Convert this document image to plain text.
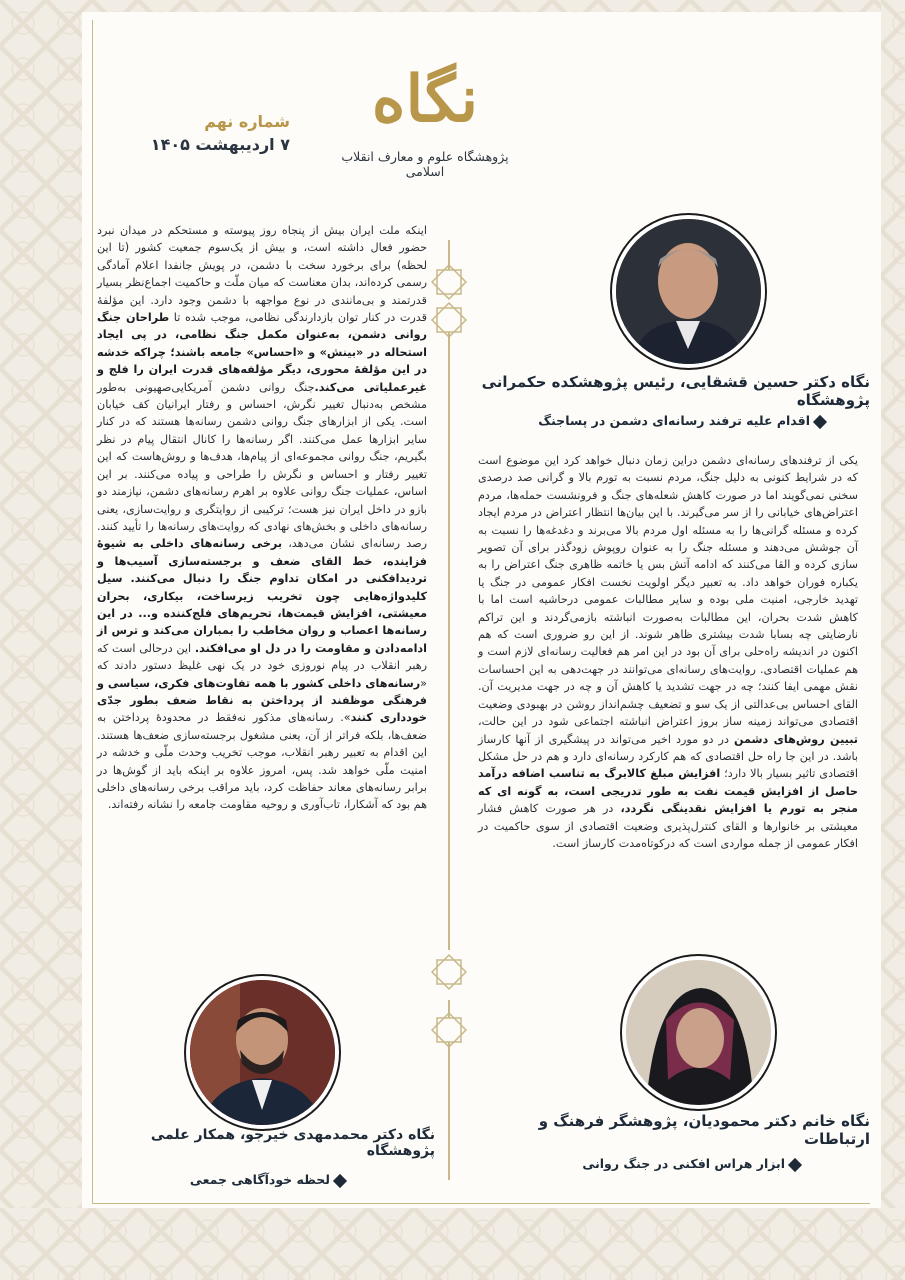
نگاه
پژوهشگاه علوم و معارف انقلاب اسلامی
شماره نهم
۷ اردیبهشت ۱۴۰۵

اینکه ملت ایران بیش از پنجاه روز پیوسته و مستحکم در میدان نبرد حضور فعال داشته است، و بیش از یک‌سوم جمعیت کشور (تا این لحظه) برای برخورد سخت با دشمن، در پویش جانفدا اعلام آمادگی رسمی کرده‌اند، بدان معناست که میان ملّت و حاکمیت اجماع‌نظر بسیار قدرتمند و بی‌مانندی در نوع مواجهه با دشمن وجود دارد. این مؤلفهٔ قدرت در کنار توان بازدارندگی نظامی، موجب شده تا طراحان جنگ روانی دشمن، به‌عنوان مکمل جنگ نظامی، در پی ایجاد استحاله در «بینش» و «احساس» جامعه باشند؛ چراکه خدشه در این مؤلفهٔ محوری، دیگر مؤلفه‌های قدرت ایران را فلج و غیرعملیاتی می‌کند.جنگ روانی دشمن آمریکایی‌صهیونی به‌طور مشخص به‌دنبال تغییر نگرش، احساس و رفتار ایرانیان کف خیابان است. یکی از ابزارهای جنگ روانی دشمن رسانه‌ها هستند که در کنار سایر ابزارها عمل می‌کنند. اگر رسانه‌ها را کانال انتقال پیام در نظر بگیریم، جنگ روانی مجموعه‌ای از پیام‌ها، هدف‌ها و روش‌هاست که این تغییر رفتار و احساس و نگرش را طراحی و پیاده می‌کنند. بر این اساس، عملیات جنگ روانی علاوه بر اهرم رسانه‌های دشمن، نیازمند دو بازو در داخل ایران نیز هست؛ ترکیبی از روایتگری و روایت‌سازی، یعنی رسانه‌های داخلی و بخش‌های نهادی که روایت‌های رسانه‌ها را تأیید کنند. رصد رسانه‌ای نشان می‌دهد، برخی رسانه‌های داخلی به شیوهٔ فزاینده، خط القای ضعف و برجسته‌سازی آسیب‌ها و تردیدافکنی در امکان تداوم جنگ را دنبال می‌کنند. سیل کلیدواژه‌هایی چون تخریب زیرساخت، بیکاری، بحران معیشتی، افزایش قیمت‌ها، تحریم‌های فلج‌کننده و... در این رسانه‌ها اعصاب و روان مخاطب را بمباران می‌کند و ترس از ادامه‌دادن و مقاومت را در دل او می‌افکند. این درحالی است که رهبر انقلاب در پیام نوروزی خود در یک نهی غلیظ دستور دادند که «رسانه‌های داخلی کشور با همه تفاوت‌های فکری، سیاسی و فرهنگی موظفند از پرداختن به نقاط ضعف بطور جدّی خودداری کنند». رسانه‌های مذکور نه‌فقط در محدودهٔ پرداختن به ضعف‌ها، بلکه فراتر از آن، یعنی مشغول برجسته‌سازی ضعف‌ها هستند. این اقدام به تعبیر رهبر انقلاب، موجب تخریب وحدت ملّی و خدشه در امنیت ملّی خواهد شد. پس، امروز علاوه بر اینکه باید از گوش‌ها در برابر رسانه‌های معاند حفاظت کرد، باید مراقب برخی رسانه‌های داخلی هم بود که آشکارا، تاب‌آوری و روحیه مقاومت جامعه را نشانه رفته‌اند.

نگاه دکتر حسین قشقایی، رئیس پژوهشکده حکمرانی پژوهشگاه
اقدام علیه ترفند رسانه‌ای دشمن در پساجنگ

یکی از ترفندهای رسانه‌ای دشمن دراین زمان دنبال خواهد کرد این موضوع است که در شرایط کنونی به دلیل جنگ، مردم نسبت به تورم بالا و گرانی صد درصدی سخنی نمی‌گویند اما در صورت کاهش شعله‌های جنگ و فرونشست حمله‌ها، مردم اعتراض‌های خیابانی را از سر می‌گیرند. با این بیان‌ها انتظار اعتراض در مردم ایجاد کرده و مسئله گرانی‌ها را به مسئله اول مردم بالا می‌برند و دغدغه‌ها را نسبت به آن جوشش می‌دهند و مسئله جنگ را به عنوان روپوش زودگذر برای آن تصویر سازی کرده و القا می‌کنند که ادامه آتش بس یا خاتمه ظاهری جنگ اعتراض را به یکباره فوران خواهد داد. به تعبیر دیگر اولویت نخست افکار عمومی در جنگ یا تهدید خارجی، امنیت ملی بوده و سایر مطالبات عمومی درحاشیه است اما با کاهش شدت بحران، این مطالبات به‌صورت انباشته بازمی‌گردند و این تراکم نارضایتی چه بسابا شدت بیشتری ظاهر شوند. از این رو ضروری است که هم اکنون در اندیشه راه‌حلی برای آن بود در این امر هم فعالیت رسانه‌ای لازم است و هم عملیات اقتصادی. روایت‌های رسانه‌ای می‌توانند در جهت‌دهی به این احساسات نقش مهمی ایفا کنند؛ چه در جهت تشدید یا کاهش آن و چه در جهت مدیریت آن. القای احساس بی‌عدالتی از یک سو و تضعیف چشم‌انداز روشن در بهبودی وضعیت اقتصادی می‌تواند زمینه ساز بروز اعتراض انباشته اجتماعی شود در این حالت، تبیین روش‌های دشمن در دو مورد اخیر می‌تواند در پیشگیری از آنها کارساز باشد. در این جا راه حل اقتصادی که هم کارکرد رسانه‌ای دارد و هم در حل مشکل اقتصادی تاثیر بسیار بالا دارد؛ افزایش مبلغ کالابرگ به تناسب اضافه درآمد حاصل از افزایش قیمت نفت به طور تدریجی است، به گونه ای که منجر به تورم یا افزایش نقدینگی نگردد، در هر صورت کاهش فشار معیشتی بر خانوارها و القای کنترل‌پذیری وضعیت اقتصادی از سوی حاکمیت در افکار عمومی از جمله مواردی است که درکوتاه‌مدت کارساز است.

نگاه خانم دکتر محمودیان، پژوهشگر فرهنگ و ارتباطات
ابزار هراس افکنی در جنگ روانی
نگاه دکتر محمدمهدی خیرجو، همکار علمی پژوهشگاه
لحظه خودآگاهی جمعی
